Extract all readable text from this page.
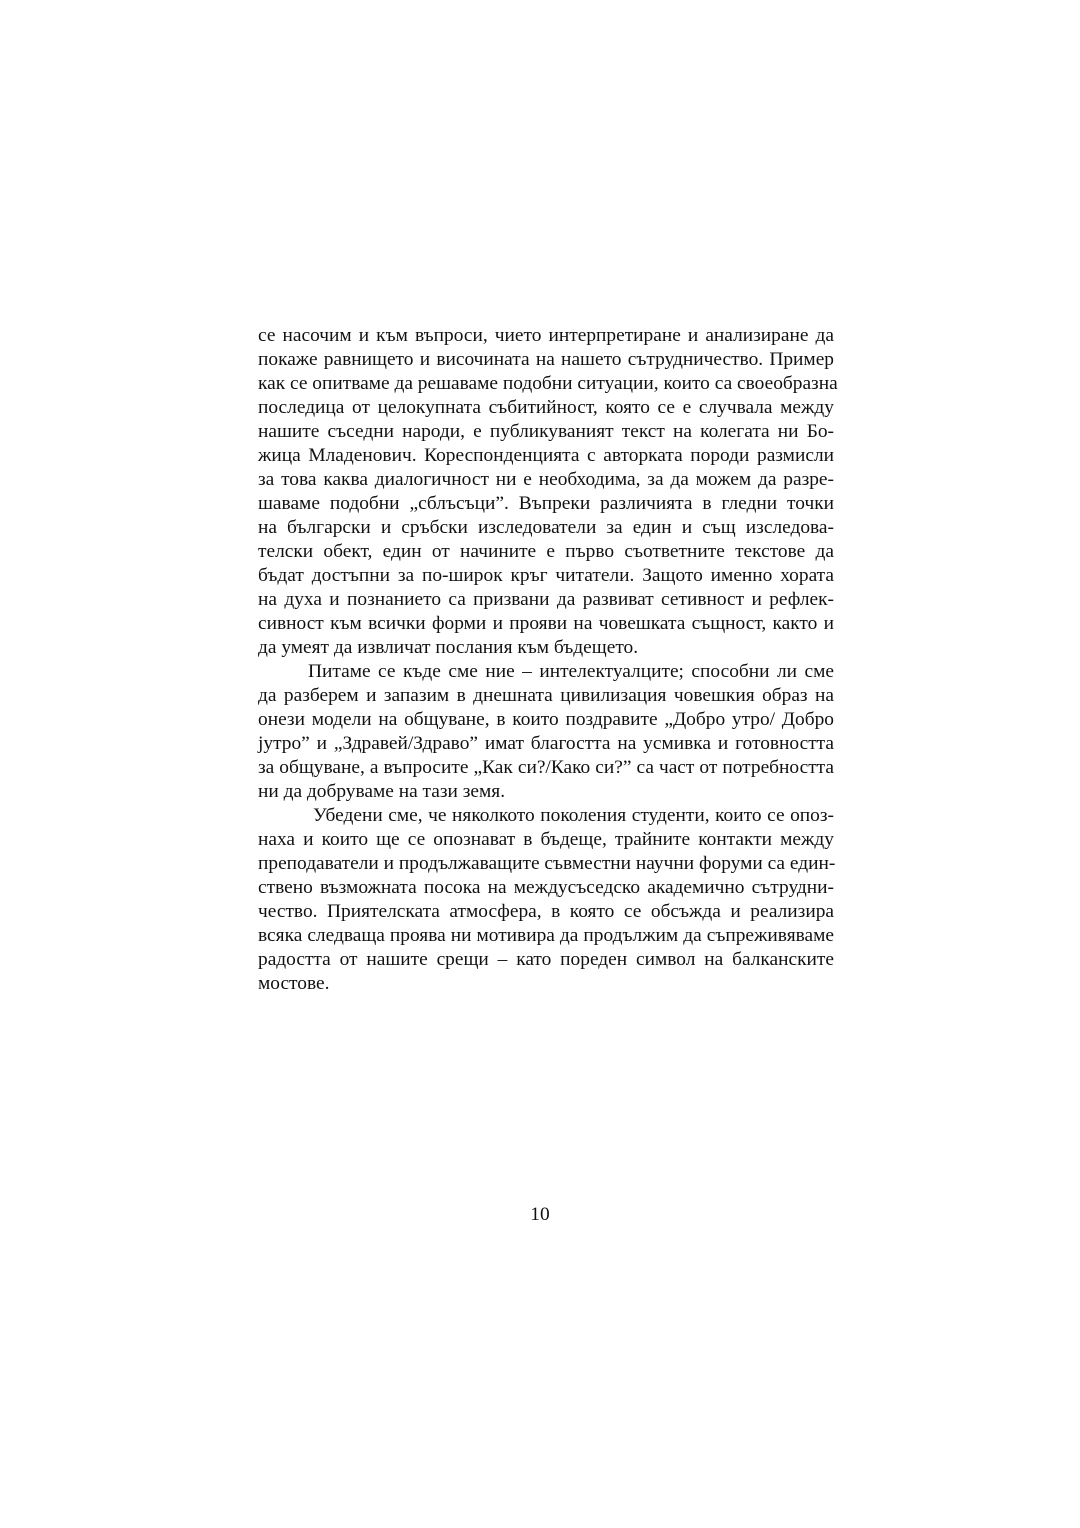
се насочим и към въпроси, чието интерпретиране и анализиране да
покаже равнището и височината на нашето сътрудничество. Пример
как се опитваме да решаваме подобни ситуации, които са своеобразна
последица от целокупната събитийност, която се е случвала между
нашите съседни народи, е публикуваният текст на колегата ни Бо-
жица Младенович. Кореспонденцията с авторката породи размисли
за това каква диалогичност ни е необходима, за да можем да разре-
шаваме подобни „сблъсъци”. Въпреки различията в гледни точки
на български и сръбски изследователи за един и същ изследова-
телски обект, един от начините е първо съответните текстове да
бъдат достъпни за по-широк кръг читатели. Защото именно хората
на духа и познанието са призвани да развиват сетивност и рефлек-
сивност към всички форми и прояви на човешката същност, както и
да умеят да извличат послания към бъдещето.
Питаме се къде сме ние – интелектуалците; способни ли сме
да разберем и запазим в днешната цивилизация човешкия образ на
онези модели на общуване, в които поздравите „Добро утро/ Добро
јутро” и „Здравей/Здраво” имат благостта на усмивка и готовността
за общуване, а въпросите „Как си?/Како си?” са част от потребността
ни да добруваме на тази земя.
Убедени сме, че няколкото поколения студенти, които се опоз-
наха и които ще се опознават в бъдеще, трайните контакти между
преподаватели и продължаващите съвместни научни форуми са един-
ствено възможната посока на междусъседско академично сътрудни-
чество. Приятелската атмосфера, в която се обсъжда и реализира
всяка следваща проява ни мотивира да продължим да съпреживяваме
радостта от нашите срещи – като пореден символ на балканските
мостове.
10
